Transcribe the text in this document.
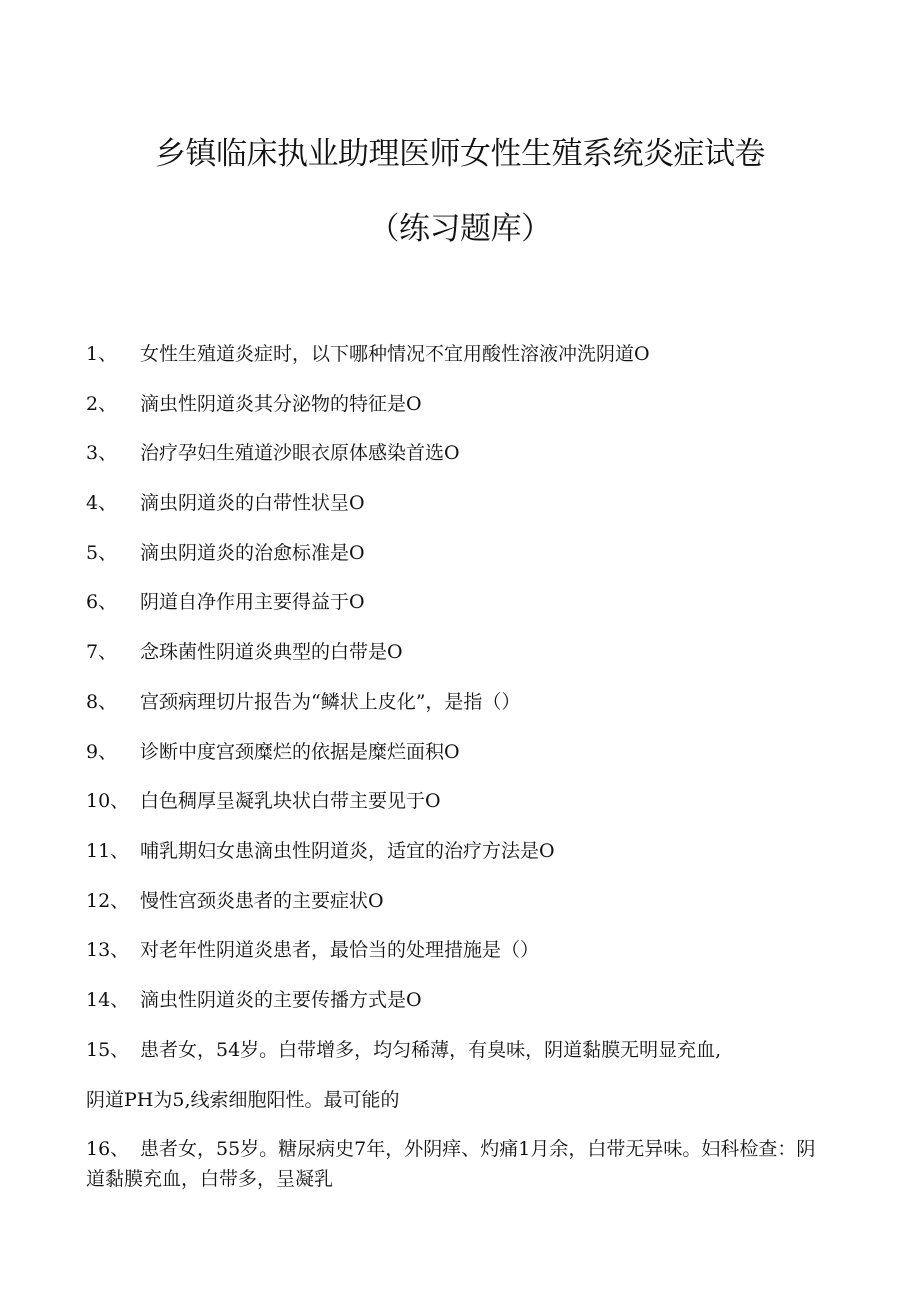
乡镇临床执业助理医师女性生殖系统炎症试卷
（练习题库）
1、	女性生殖道炎症时，以下哪种情况不宜用酸性溶液冲洗阴道O
2、	滴虫性阴道炎其分泌物的特征是O
3、	治疗孕妇生殖道沙眼衣原体感染首选O
4、	滴虫阴道炎的白带性状呈O
5、	滴虫阴道炎的治愈标准是O
6、	阴道自净作用主要得益于O
7、	念珠菌性阴道炎典型的白带是O
8、	宫颈病理切片报告为“鳞状上皮化”，是指（）
9、	诊断中度宫颈糜烂的依据是糜烂面积O
10、 白色稠厚呈凝乳块状白带主要见于O
11、 哺乳期妇女患滴虫性阴道炎，适宜的治疗方法是O
12、 慢性宫颈炎患者的主要症状O
13、 对老年性阴道炎患者，最恰当的处理措施是（）
14、 滴虫性阴道炎的主要传播方式是O
15、 患者女，54岁。白带增多，均匀稀薄，有臭味，阴道黏膜无明显充血,
阴道PH为5,线索细胞阳性。最可能的
16、 患者女，55岁。糖尿病史7年，外阴痒、灼痛1月余，白带无异味。妇科检查：阴道黏膜充血，白带多，呈凝乳
